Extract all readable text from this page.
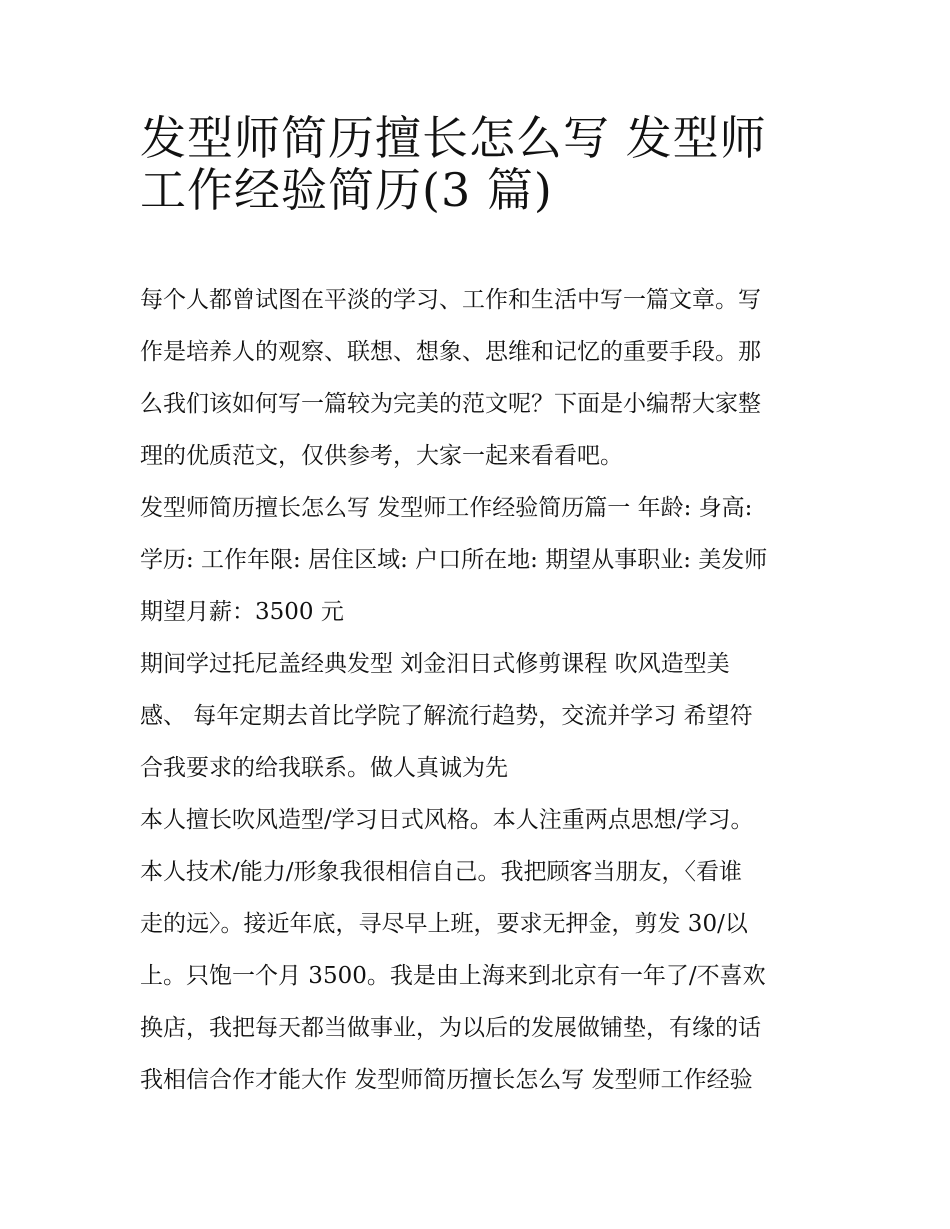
发型师简历擅长怎么写 发型师
工作经验简历(3 篇)
每个人都曾试图在平淡的学习、工作和生活中写一篇文章。写
作是培养人的观察、联想、想象、思维和记忆的重要手段。那
么我们该如何写一篇较为完美的范文呢？下面是小编帮大家整
理的优质范文，仅供参考，大家一起来看看吧。
发型师简历擅长怎么写 发型师工作经验简历篇一 年龄: 身高:
学历: 工作年限: 居住区域: 户口所在地: 期望从事职业: 美发师
期望月薪：3500 元
期间学过托尼盖经典发型 刘金汨日式修剪课程 吹风造型美
感、 每年定期去首比学院了解流行趋势，交流并学习 希望符
合我要求的给我联系。做人真诚为先
本人擅长吹风造型/学习日式风格。本人注重两点思想/学习。
本人技术/能力/形象我很相信自己。我把顾客当朋友，〈看谁
走的远〉。接近年底，寻尽早上班，要求无押金，剪发 30/以
上。只饱一个月 3500。我是由上海来到北京有一年了/不喜欢
换店，我把每天都当做事业，为以后的发展做铺垫，有缘的话
我相信合作才能大作 发型师简历擅长怎么写 发型师工作经验
